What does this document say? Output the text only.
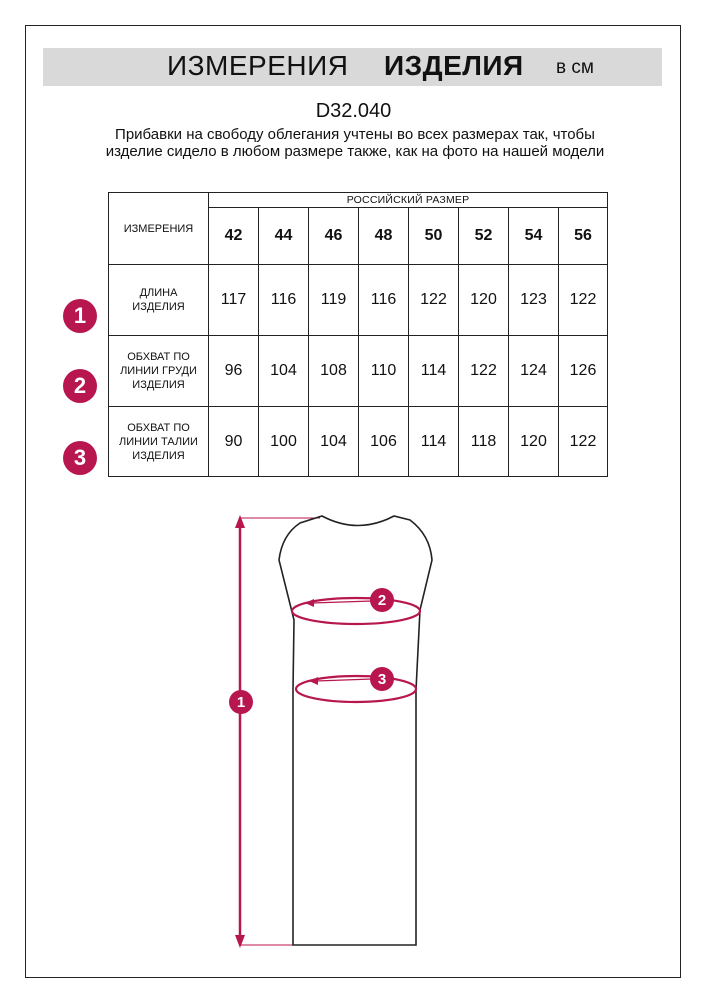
ИЗМЕРЕНИЯ ИЗДЕЛИЯ в см
D32.040
Прибавки на свободу облегания учтены во всех размерах так, чтобы изделие сидело в любом размере также, как на фото на нашей модели
ИЗМЕРЕНИЯ
РОССИЙСКИЙ РАЗМЕР
42	44	46	48	50	52	54	56
ДЛИНА
ИЗДЕЛИЯ	117	116	119	116	122	120	123	122
ОБХВАТ ПО
ЛИНИИ ГРУДИ
ИЗДЕЛИЯ
96	104	108	110	114	122	124	126
ОБХВАТ ПО
ЛИНИИ ТАЛИИ
ИЗДЕЛИЯ
90	100	104	106	114	118	120	122
1
2
3
1
2
3
